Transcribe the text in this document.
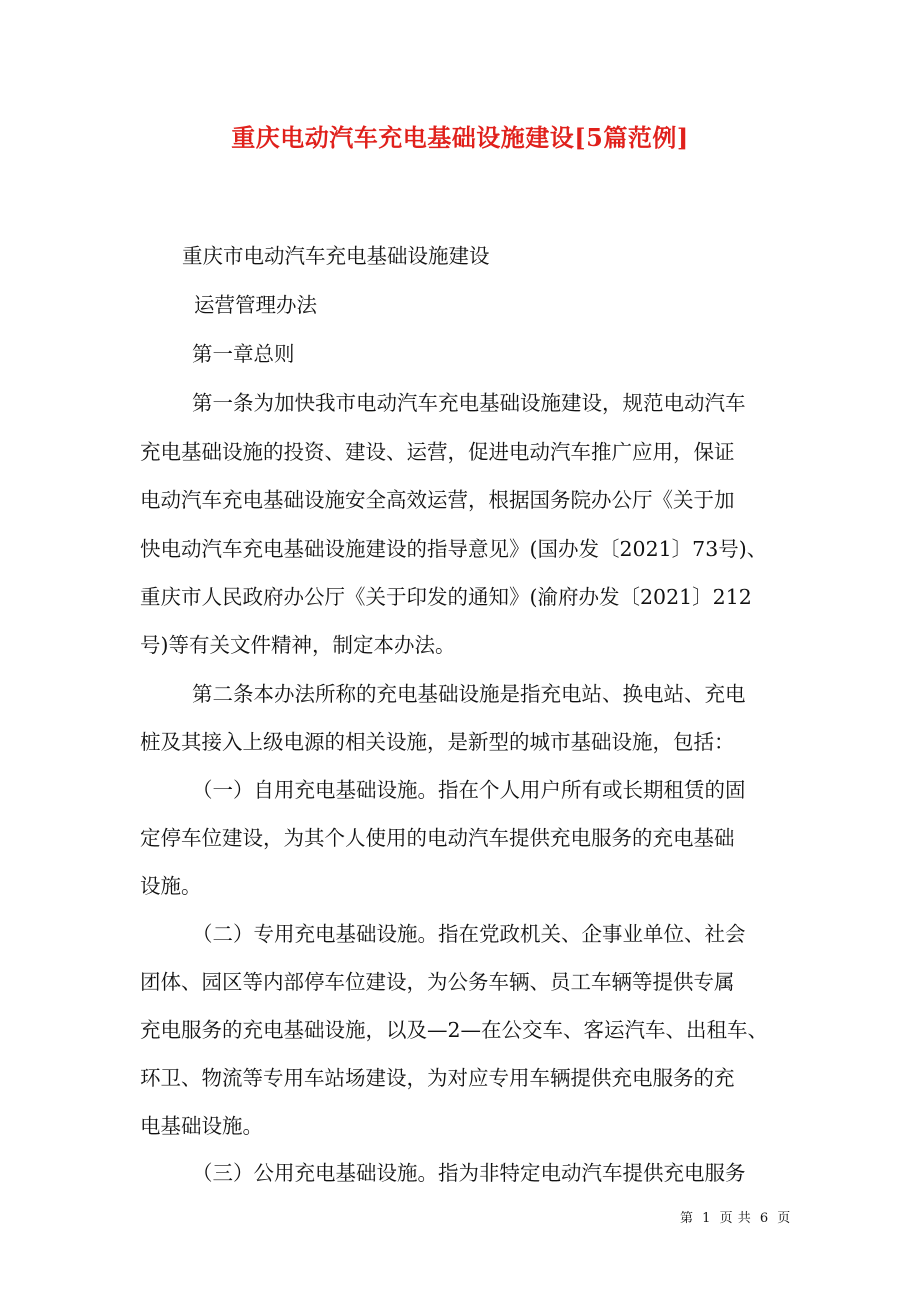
重庆电动汽车充电基础设施建设[5篇范例]
重庆市电动汽车充电基础设施建设
运营管理办法
第一章总则
第一条为加快我市电动汽车充电基础设施建设，规范电动汽车
充电基础设施的投资、建设、运营，促进电动汽车推广应用，保证
电动汽车充电基础设施安全高效运营，根据国务院办公厅《关于加
快电动汽车充电基础设施建设的指导意见》(国办发〔2021〕73号)、
重庆市人民政府办公厅《关于印发的通知》(渝府办发〔2021〕212
号)等有关文件精神，制定本办法。
第二条本办法所称的充电基础设施是指充电站、换电站、充电
桩及其接入上级电源的相关设施，是新型的城市基础设施，包括：
（一）自用充电基础设施。指在个人用户所有或长期租赁的固
定停车位建设，为其个人使用的电动汽车提供充电服务的充电基础
设施。
（二）专用充电基础设施。指在党政机关、企事业单位、社会
团体、园区等内部停车位建设，为公务车辆、员工车辆等提供专属
充电服务的充电基础设施，以及—2—在公交车、客运汽车、出租车、
环卫、物流等专用车站场建设，为对应专用车辆提供充电服务的充
电基础设施。
（三）公用充电基础设施。指为非特定电动汽车提供充电服务
第 1 页 共 6 页
